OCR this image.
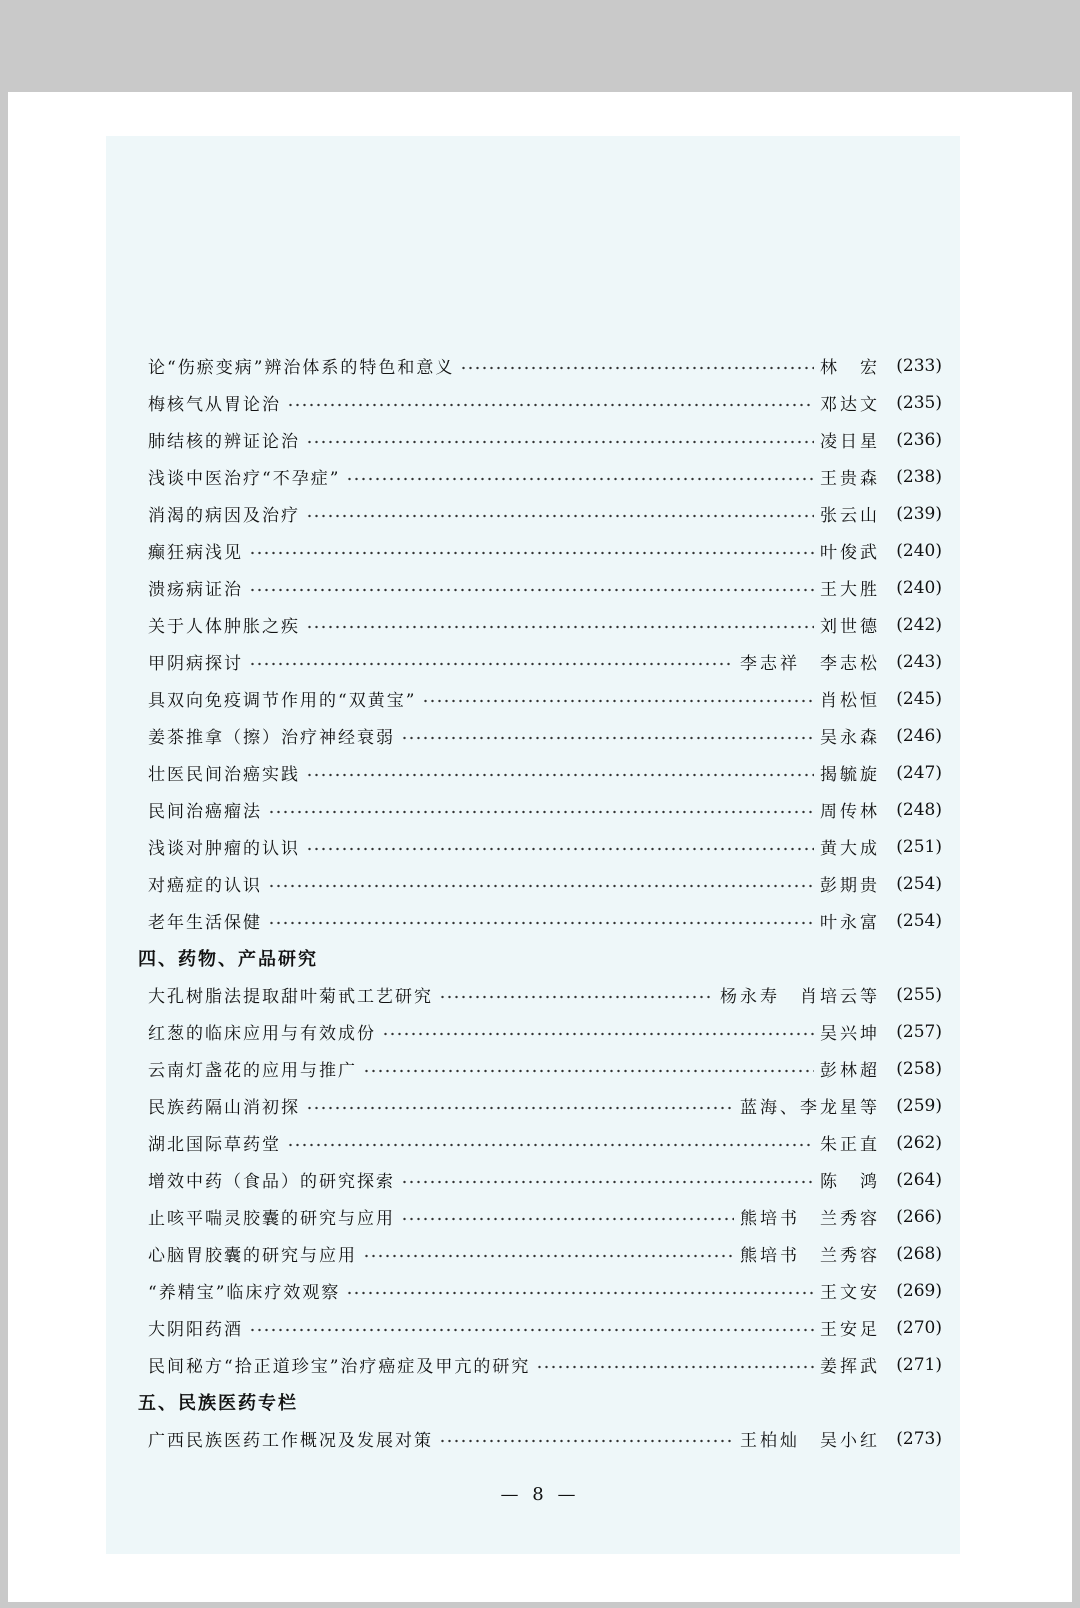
论“伤瘀变病”辨治体系的特色和意义	林　宏 (233)
梅核气从胃论治	邓达文 (235)
肺结核的辨证论治	凌日星 (236)
浅谈中医治疗“不孕症”	王贵森 (238)
消渴的病因及治疗	张云山 (239)
癫狂病浅见	叶俊武 (240)
溃疡病证治	王大胜 (240)
关于人体肿胀之疾	刘世德 (242)
甲阴病探讨	李志祥　李志松 (243)
具双向免疫调节作用的“双黄宝”	肖松恒 (245)
姜茶推拿（擦）治疗神经衰弱	吴永森 (246)
壮医民间治癌实践	揭毓旋 (247)
民间治癌瘤法	周传林 (248)
浅谈对肿瘤的认识	黄大成 (251)
对癌症的认识	彭期贵 (254)
老年生活保健	叶永富 (254)
四、药物、产品研究
大孔树脂法提取甜叶菊甙工艺研究	杨永寿　肖培云等 (255)
红葱的临床应用与有效成份	吴兴坤 (257)
云南灯盏花的应用与推广	彭林超 (258)
民族药隔山消初探	蓝海、李龙星等 (259)
湖北国际草药堂	朱正直 (262)
增效中药（食品）的研究探索	陈　鸿 (264)
止咳平喘灵胶囊的研究与应用	熊培书　兰秀容 (266)
心脑胃胶囊的研究与应用	熊培书　兰秀容 (268)
“养精宝”临床疗效观察	王文安 (269)
大阴阳药酒	王安足 (270)
民间秘方“拾正道珍宝”治疗癌症及甲亢的研究	姜挥武 (271)
五、民族医药专栏
广西民族医药工作概况及发展对策	王柏灿　吴小红 (273)
— 8 —
